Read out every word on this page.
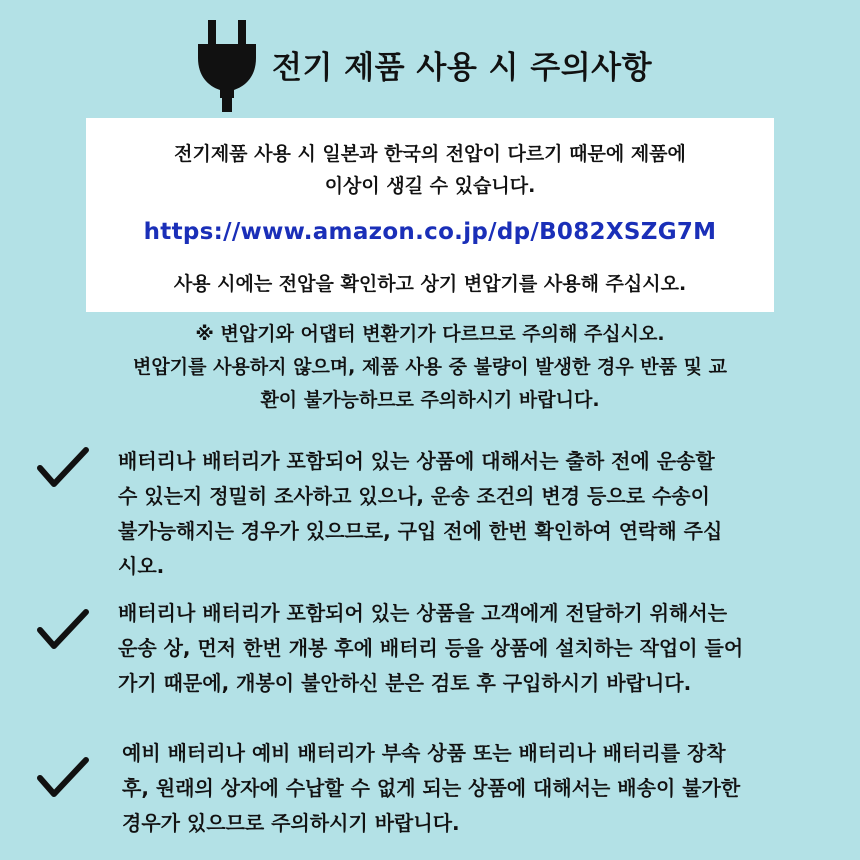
전기 제품 사용 시 주의사항
전기제품 사용 시 일본과 한국의 전압이 다르기 때문에 제품에
이상이 생길 수 있습니다.
https://www.amazon.co.jp/dp/B082XSZG7M
사용 시에는 전압을 확인하고 상기 변압기를 사용해 주십시오.
※ 변압기와 어댑터 변환기가 다르므로 주의해 주십시오.
변압기를 사용하지 않으며, 제품 사용 중 불량이 발생한 경우 반품 및 교
환이 불가능하므로 주의하시기 바랍니다.
배터리나 배터리가 포함되어 있는 상품에 대해서는 출하 전에 운송할
수 있는지 정밀히 조사하고 있으나, 운송 조건의 변경 등으로 수송이
불가능해지는 경우가 있으므로, 구입 전에 한번 확인하여 연락해 주십
시오.
배터리나 배터리가 포함되어 있는 상품을 고객에게 전달하기 위해서는
운송 상, 먼저 한번 개봉 후에 배터리 등을 상품에 설치하는 작업이 들어
가기 때문에, 개봉이 불안하신 분은 검토 후 구입하시기 바랍니다.
예비 배터리나 예비 배터리가 부속 상품 또는 배터리나 배터리를 장착
후, 원래의 상자에 수납할 수 없게 되는 상품에 대해서는 배송이 불가한
경우가 있으므로 주의하시기 바랍니다.
